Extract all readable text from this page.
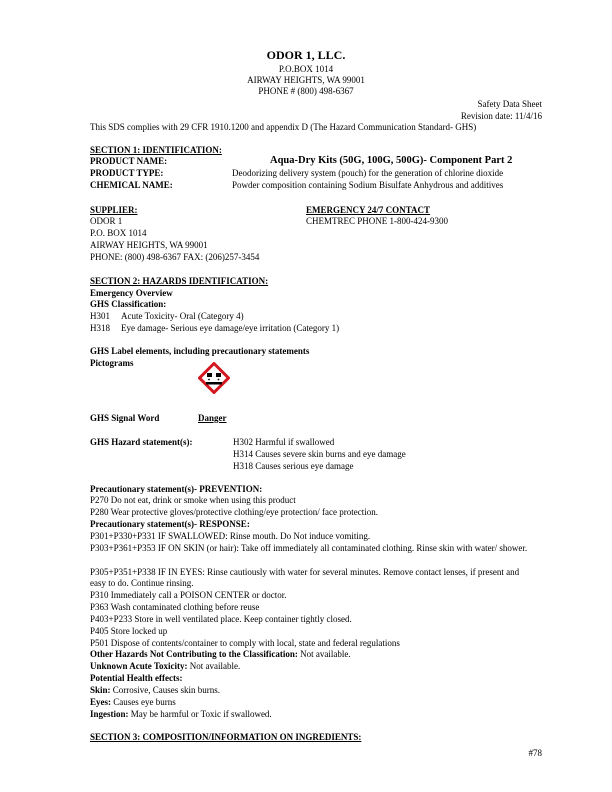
ODOR 1, LLC.
P.O.BOX 1014
AIRWAY HEIGHTS, WA 99001
PHONE # (800) 498-6367
Safety Data Sheet
Revision date: 11/4/16
This SDS complies with 29 CFR 1910.1200 and appendix D (The Hazard Communication Standard- GHS)
SECTION 1: IDENTIFICATION:
PRODUCT NAME:	Aqua-Dry Kits (50G, 100G, 500G)- Component Part 2
PRODUCT TYPE:	Deodorizing delivery system (pouch) for the generation of chlorine dioxide
CHEMICAL NAME:	Powder composition containing Sodium Bisulfate Anhydrous and additives
SUPPLIER:
ODOR 1
P.O. BOX 1014
AIRWAY HEIGHTS, WA 99001
PHONE: (800) 498-6367 FAX: (206)257-3454
EMERGENCY 24/7 CONTACT
CHEMTREC PHONE 1-800-424-9300
SECTION 2: HAZARDS IDENTIFICATION:
Emergency Overview
GHS Classification:
H301 Acute Toxicity- Oral (Category 4)
H318 Eye damage- Serious eye damage/eye irritation (Category 1)
GHS Label elements, including precautionary statements
Pictograms
GHS Signal Word	Danger
GHS Hazard statement(s):	H302 Harmful if swallowed
H314 Causes severe skin burns and eye damage
H318 Causes serious eye damage
Precautionary statement(s)- PREVENTION:
P270 Do not eat, drink or smoke when using this product
P280 Wear protective gloves/protective clothing/eye protection/ face protection.
Precautionary statement(s)- RESPONSE:
P301+P330+P331 IF SWALLOWED: Rinse mouth. Do Not induce vomiting.
P303+P361+P353 IF ON SKIN (or hair): Take off immediately all contaminated clothing. Rinse skin with water/ shower.
P305+P351+P338 IF IN EYES: Rinse cautiously with water for several minutes. Remove contact lenses, if present and easy to do. Continue rinsing.
P310 Immediately call a POISON CENTER or doctor.
P363 Wash contaminated clothing before reuse
P403+P233 Store in well ventilated place. Keep container tightly closed.
P405 Store locked up
P501 Dispose of contents/container to comply with local, state and federal regulations
Other Hazards Not Contributing to the Classification: Not available.
Unknown Acute Toxicity: Not available.
Potential Health effects:
Skin: Corrosive, Causes skin burns.
Eyes: Causes eye burns
Ingestion: May be harmful or Toxic if swallowed.
SECTION 3: COMPOSITION/INFORMATION ON INGREDIENTS:
#78
